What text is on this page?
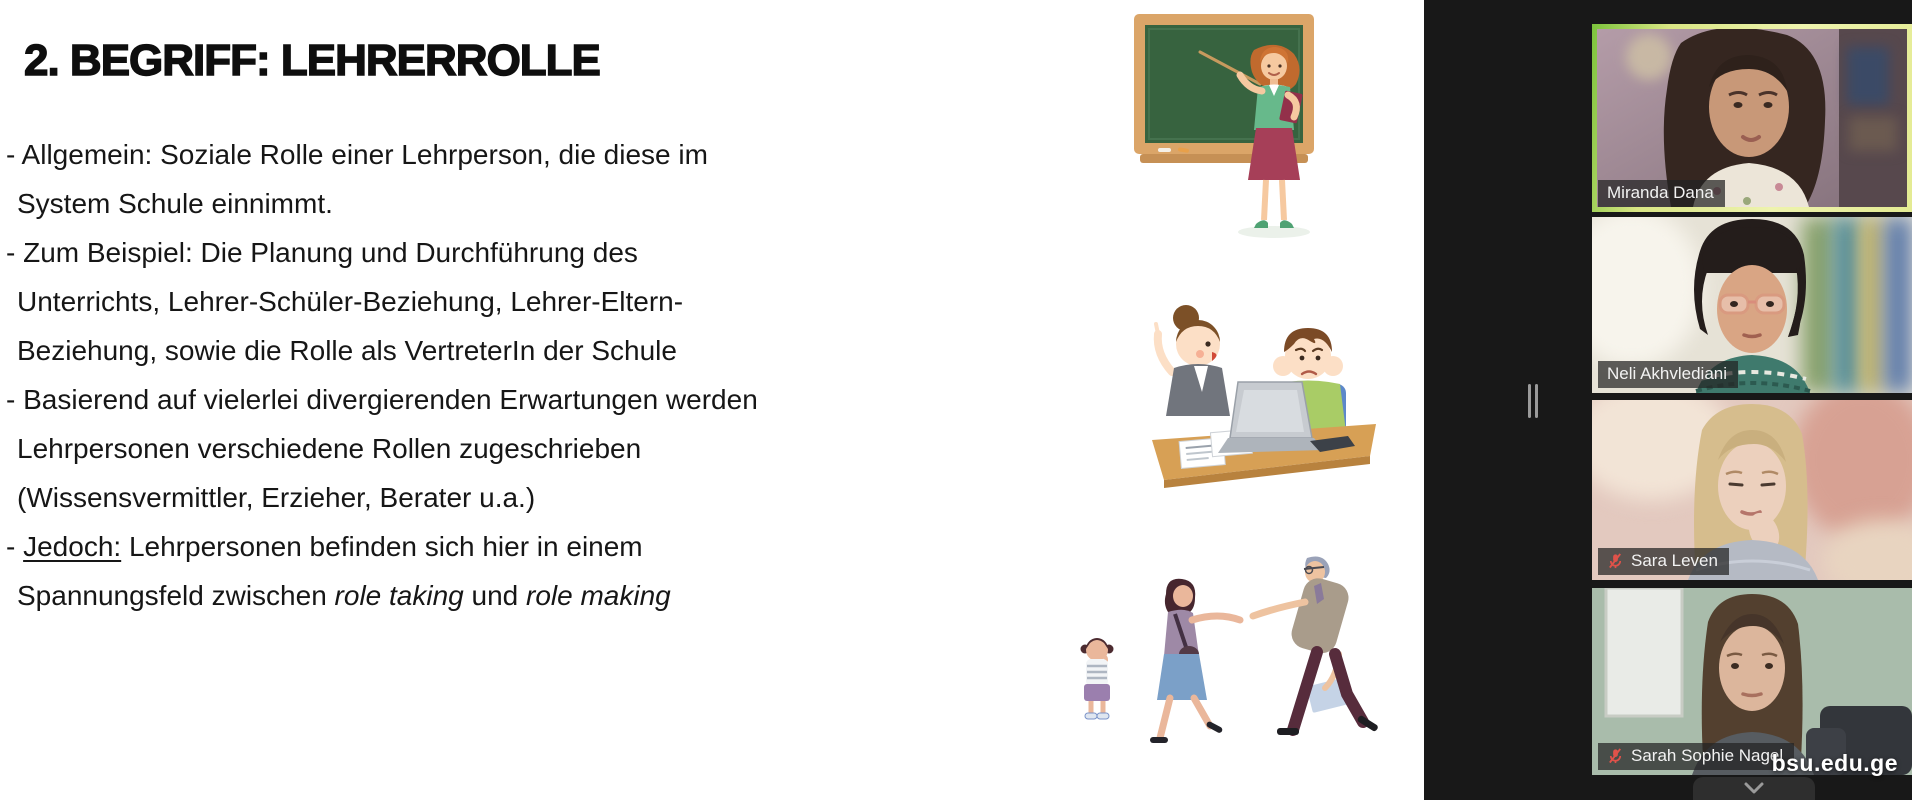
2. BEGRIFF: LEHRERROLLE
- Allgemein: Soziale Rolle einer Lehrperson, die diese im
System Schule einnimmt.
- Zum Beispiel: Die Planung und Durchführung des
Unterrichts, Lehrer-Schüler-Beziehung, Lehrer-Eltern-
Beziehung, sowie die Rolle als VertreterIn der Schule
- Basierend auf vielerlei divergierenden Erwartungen werden
Lehrpersonen verschiedene Rollen zugeschrieben
(Wissensvermittler, Erzieher, Berater u.a.)
- Jedoch: Lehrpersonen befinden sich hier in einem
Spannungsfeld zwischen role taking und role making
Miranda Dana
Neli Akhvlediani
Sara Leven
Sarah Sophie Nagel
bsu.edu.ge
